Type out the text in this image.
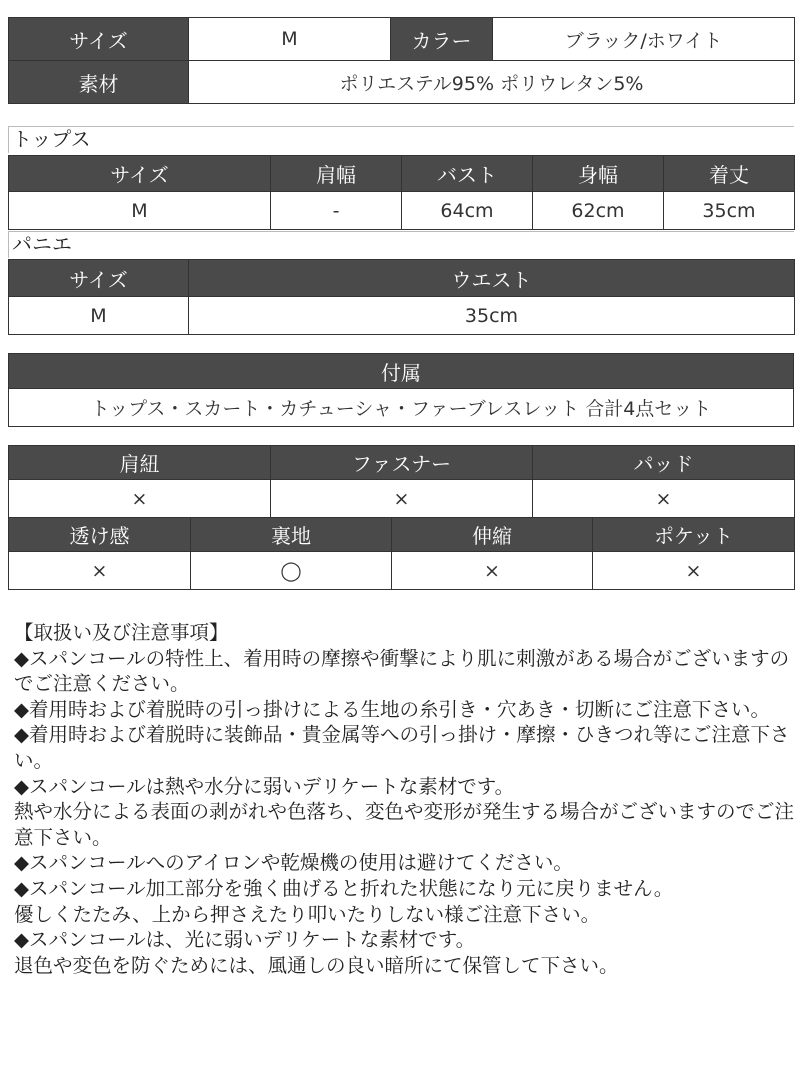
サイズ	M	カラー	ブラック/ホワイト
素材	ポリエステル95% ポリウレタン5%		
トップス
サイズ	肩幅	バスト	身幅	着丈
M	-	64cm	62cm	35cm
パニエ
サイズ	ウエスト
M	35cm
付属
トップス・スカート・カチューシャ・ファーブレスレット 合計4点セット
肩紐	ファスナー	パッド
×	×	×
透け感	裏地	伸縮	ポケット
×	◯	×	×

【取扱い及び注意事項】

◆スパンコールの特性上、着用時の摩擦や衝撃により肌に刺激がある場合がございますのでご注意ください。

◆着用時および着脱時の引っ掛けによる生地の糸引き・穴あき・切断にご注意下さい。

◆着用時および着脱時に装飾品・貴金属等への引っ掛け・摩擦・ひきつれ等にご注意下さい。

◆スパンコールは熱や水分に弱いデリケートな素材です。

熱や水分による表面の剥がれや色落ち、変色や変形が発生する場合がございますのでご注意下さい。

◆スパンコールへのアイロンや乾燥機の使用は避けてください。

◆スパンコール加工部分を強く曲げると折れた状態になり元に戻りません。

優しくたたみ、上から押さえたり叩いたりしない様ご注意下さい。

◆スパンコールは、光に弱いデリケートな素材です。

退色や変色を防ぐためには、風通しの良い暗所にて保管して下さい。
